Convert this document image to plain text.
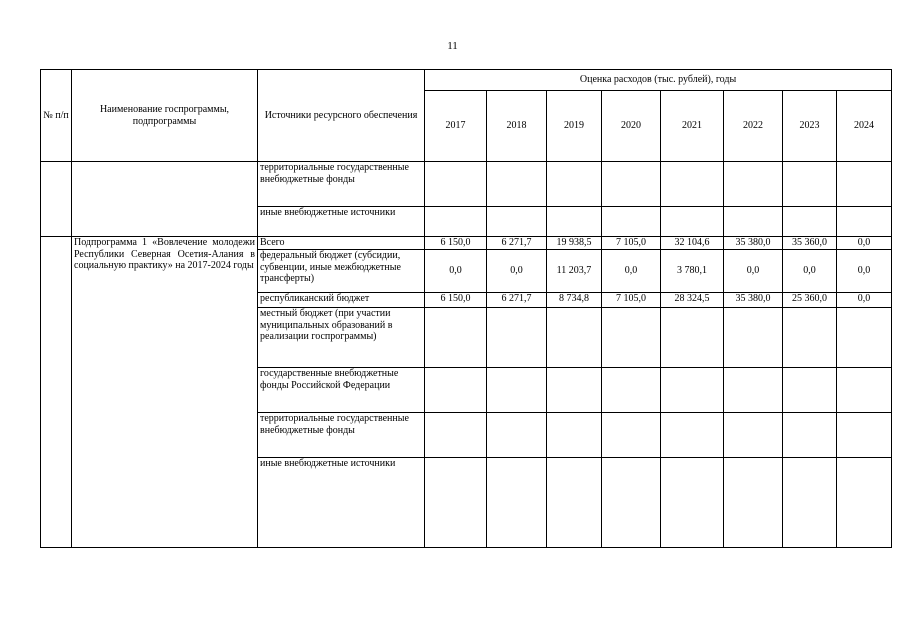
11
№ п/п	Наименование госпрограммы, подпрограммы	Источники ресурсного обеспечения	Оценка расходов (тыс. рублей), годы							
			2017	2018	2019	2020	2021	2022	2023	2024
		территориальные государственные внебюджетные фонды								
		иные внебюджетные источники								
	Подпрограмма 1 «Вовлечение молодежи Республики Северная Осетия-Алания в социальную практику» на 2017-2024 годы	Всего	6 150,0	6 271,7	19 938,5	7 105,0	32 104,6	35 380,0	35 360,0	0,0
		федеральный бюджет (субсидии, субвенции, иные межбюджетные трансферты)	0,0	0,0	11 203,7	0,0	3 780,1	0,0	0,0	0,0
		республиканский бюджет	6 150,0	6 271,7	8 734,8	7 105,0	28 324,5	35 380,0	25 360,0	0,0
		местный бюджет (при участии муниципальных образований в реализации госпрограммы)								
		государственные внебюджетные фонды Российской Федерации								
		территориальные государственные внебюджетные фонды								
		иные внебюджетные источники								
